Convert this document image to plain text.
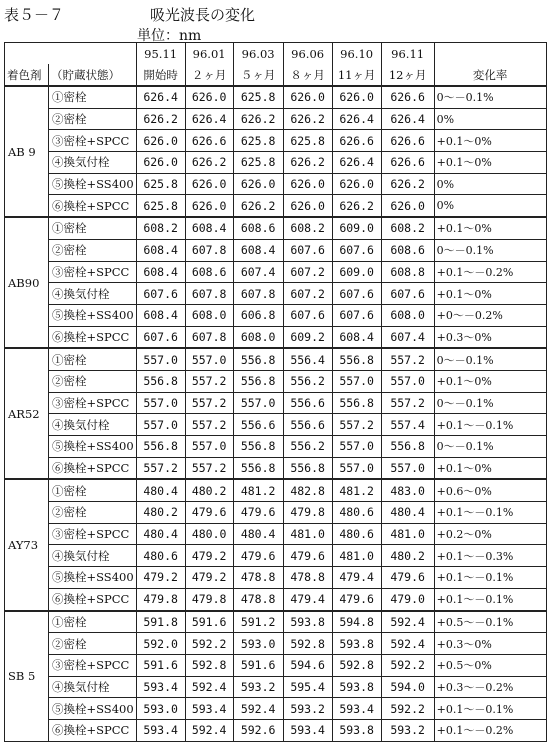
表５－７	吸光波長の変化
単位：nm
		95.11	96.01	96.03	96.06	96.10	96.11	
着色剤	（貯蔵状態）	開始時	２ヶ月	５ヶ月	８ヶ月	11ヶ月	12ヶ月	変化率
AB 9	①密栓	626.4	626.0	625.8	626.0	626.0	626.6	0～－0.1%
	②密栓	626.2	626.4	626.2	626.2	626.4	626.4	0%
	③密栓+SPCC	626.0	626.6	625.8	625.8	626.6	626.6	+0.1～0%
	④換気付栓	626.0	626.2	625.8	626.2	626.4	626.6	+0.1～0%
	⑤換栓+SS400	625.8	626.0	626.0	626.0	626.0	626.2	0%
	⑥換栓+SPCC	625.8	626.0	626.2	626.0	626.2	626.0	0%
AB90	①密栓	608.2	608.4	608.6	608.2	609.0	608.2	+0.1～0%
	②密栓	608.4	607.8	608.4	607.6	607.6	608.6	0～－0.1%
	③密栓+SPCC	608.4	608.6	607.4	607.2	609.0	608.8	+0.1～－0.2%
	④換気付栓	607.6	607.8	607.8	607.2	607.6	607.6	+0.1～0%
	⑤換栓+SS400	608.4	608.0	606.8	607.6	607.6	608.0	+0～－0.2%
	⑥換栓+SPCC	607.6	607.8	608.0	609.2	608.4	607.4	+0.3～0%
AR52	①密栓	557.0	557.0	556.8	556.4	556.8	557.2	0～－0.1%
	②密栓	556.8	557.2	556.8	556.2	557.0	557.0	+0.1～0%
	③密栓+SPCC	557.0	557.2	557.0	556.6	556.8	557.2	0～－0.1%
	④換気付栓	557.0	557.2	556.6	556.6	557.2	557.4	+0.1～－0.1%
	⑤換栓+SS400	556.8	557.0	556.8	556.2	557.0	556.8	0～－0.1%
	⑥換栓+SPCC	557.2	557.2	556.8	556.8	557.0	557.0	+0.1～0%
AY73	①密栓	480.4	480.2	481.2	482.8	481.2	483.0	+0.6～0%
	②密栓	480.2	479.6	479.6	479.8	480.6	480.4	+0.1～－0.1%
	③密栓+SPCC	480.4	480.0	480.4	481.0	480.6	481.0	+0.2～0%
	④換気付栓	480.6	479.2	479.6	479.6	481.0	480.2	+0.1～－0.3%
	⑤換栓+SS400	479.2	479.2	478.8	478.8	479.4	479.6	+0.1～－0.1%
	⑥換栓+SPCC	479.8	479.8	478.8	479.4	479.6	479.0	+0.1～－0.1%
SB 5	①密栓	591.8	591.6	591.2	593.8	594.8	592.4	+0.5～－0.1%
	②密栓	592.0	592.2	593.0	592.8	593.8	592.4	+0.3～0%
	③密栓+SPCC	591.6	592.8	591.6	594.6	592.8	592.2	+0.5～0%
	④換気付栓	593.4	592.4	593.2	595.4	593.8	594.0	+0.3～－0.2%
	⑤換栓+SS400	593.0	593.4	592.4	593.2	593.4	592.2	+0.1～－0.1%
	⑥換栓+SPCC	593.4	592.4	592.6	593.4	593.8	593.2	+0.1～－0.2%
